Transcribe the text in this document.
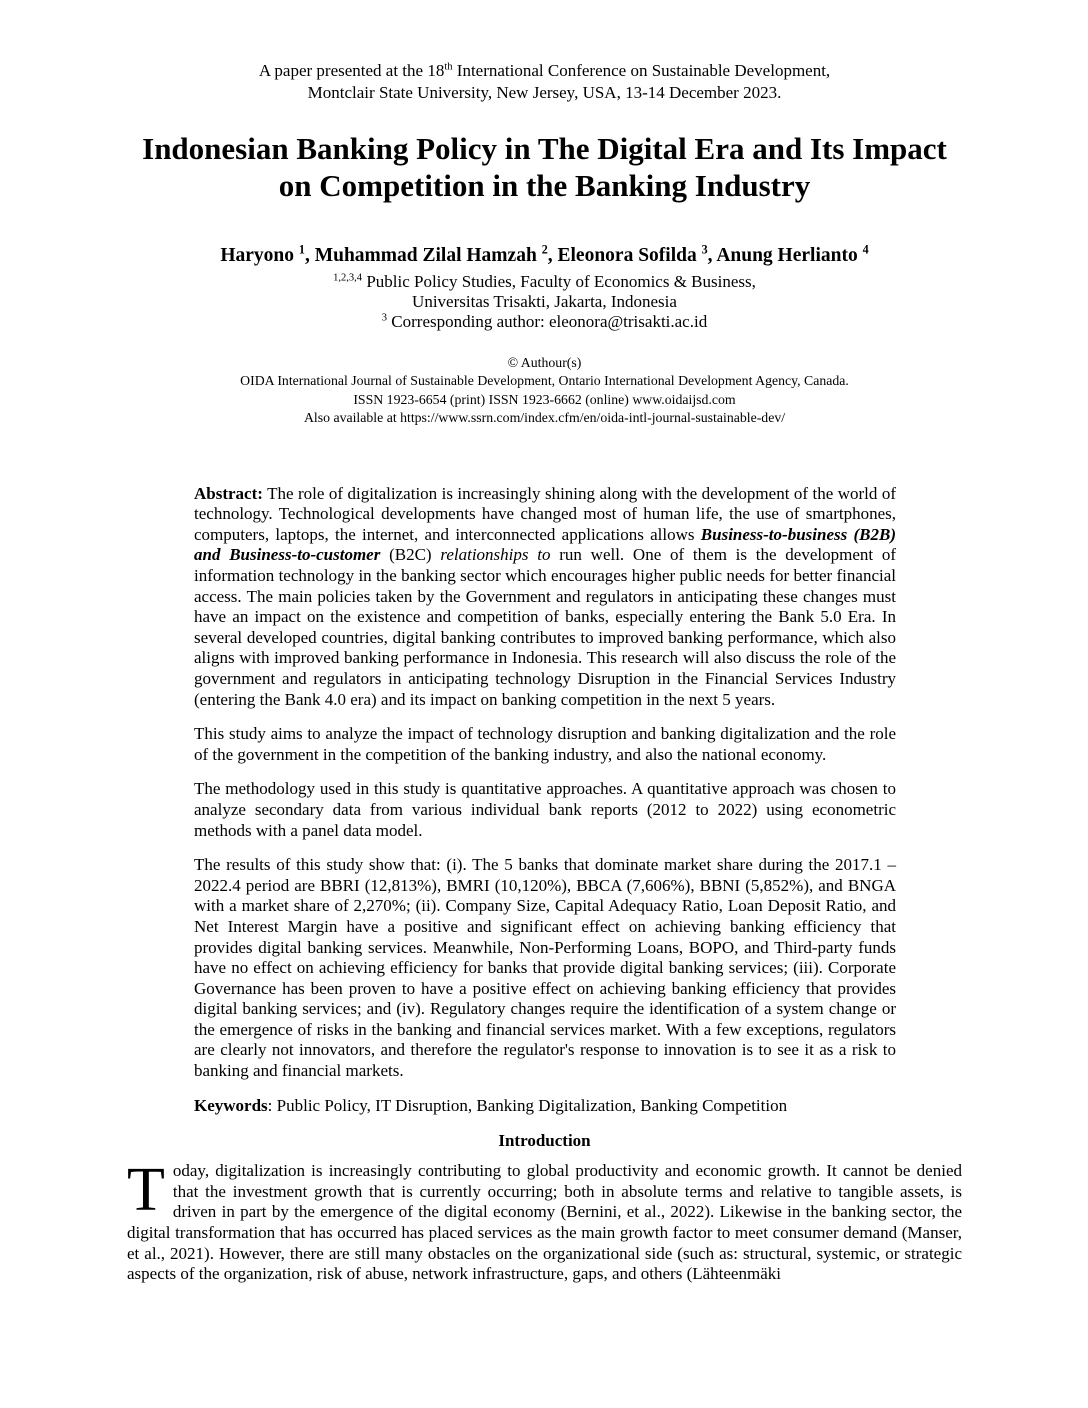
A paper presented at the 18th International Conference on Sustainable Development,
Montclair State University, New Jersey, USA, 13-14 December 2023.
Indonesian Banking Policy in The Digital Era and Its Impact
on Competition in the Banking Industry
Haryono $^1$, Muhammad Zilal Hamzah $^2$, Eleonora Sofilda $^3$, Anung Herlianto $^4$
$^{1,2,3,4}$ Public Policy Studies, Faculty of Economics & Business,
Universitas Trisakti, Jakarta, Indonesia
$^3$ Corresponding author: eleonora@trisakti.ac.id
© Authour(s)
OIDA International Journal of Sustainable Development, Ontario International Development Agency, Canada.
ISSN 1923-6654 (print) ISSN 1923-6662 (online) www.oidaijsd.com
Also available at https://www.ssrn.com/index.cfm/en/oida-intl-journal-sustainable-dev/

Abstract: The role of digitalization is increasingly shining along with the development of the world of technology. Technological developments have changed most of human life, the use of smartphones, computers, laptops, the internet, and interconnected applications allows Business-to-business (B2B) and Business-to-customer (B2C) relationships to run well. One of them is the development of information technology in the banking sector which encourages higher public needs for better financial access. The main policies taken by the Government and regulators in anticipating these changes must have an impact on the existence and competition of banks, especially entering the Bank 5.0 Era. In several developed countries, digital banking contributes to improved banking performance, which also aligns with improved banking performance in Indonesia. This research will also discuss the role of the government and regulators in anticipating technology Disruption in the Financial Services Industry (entering the Bank 4.0 era) and its impact on banking competition in the next 5 years.

This study aims to analyze the impact of technology disruption and banking digitalization and the role of the government in the competition of the banking industry, and also the national economy.

The methodology used in this study is quantitative approaches. A quantitative approach was chosen to analyze secondary data from various individual bank reports (2012 to 2022) using econometric methods with a panel data model.

The results of this study show that: (i). The 5 banks that dominate market share during the 2017.1 – 2022.4 period are BBRI (12,813%), BMRI (10,120%), BBCA (7,606%), BBNI (5,852%), and BNGA with a market share of 2,270%; (ii). Company Size, Capital Adequacy Ratio, Loan Deposit Ratio, and Net Interest Margin have a positive and significant effect on achieving banking efficiency that provides digital banking services. Meanwhile, Non-Performing Loans, BOPO, and Third-party funds have no effect on achieving efficiency for banks that provide digital banking services; (iii). Corporate Governance has been proven to have a positive effect on achieving banking efficiency that provides digital banking services; and (iv). Regulatory changes require the identification of a system change or the emergence of risks in the banking and financial services market. With a few exceptions, regulators are clearly not innovators, and therefore the regulator's response to innovation is to see it as a risk to banking and financial markets.

Keywords: Public Policy, IT Disruption, Banking Digitalization, Banking Competition

Introduction

Today, digitalization is increasingly contributing to global productivity and economic growth. It cannot be denied that the investment growth that is currently occurring; both in absolute terms and relative to tangible assets, is driven in part by the emergence of the digital economy (Bernini, et al., 2022). Likewise in the banking sector, the digital transformation that has occurred has placed services as the main growth factor to meet consumer demand (Manser, et al., 2021). However, there are still many obstacles on the organizational side (such as: structural, systemic, or strategic aspects of the organization, risk of abuse, network infrastructure, gaps, and others (Lähteenmäki
